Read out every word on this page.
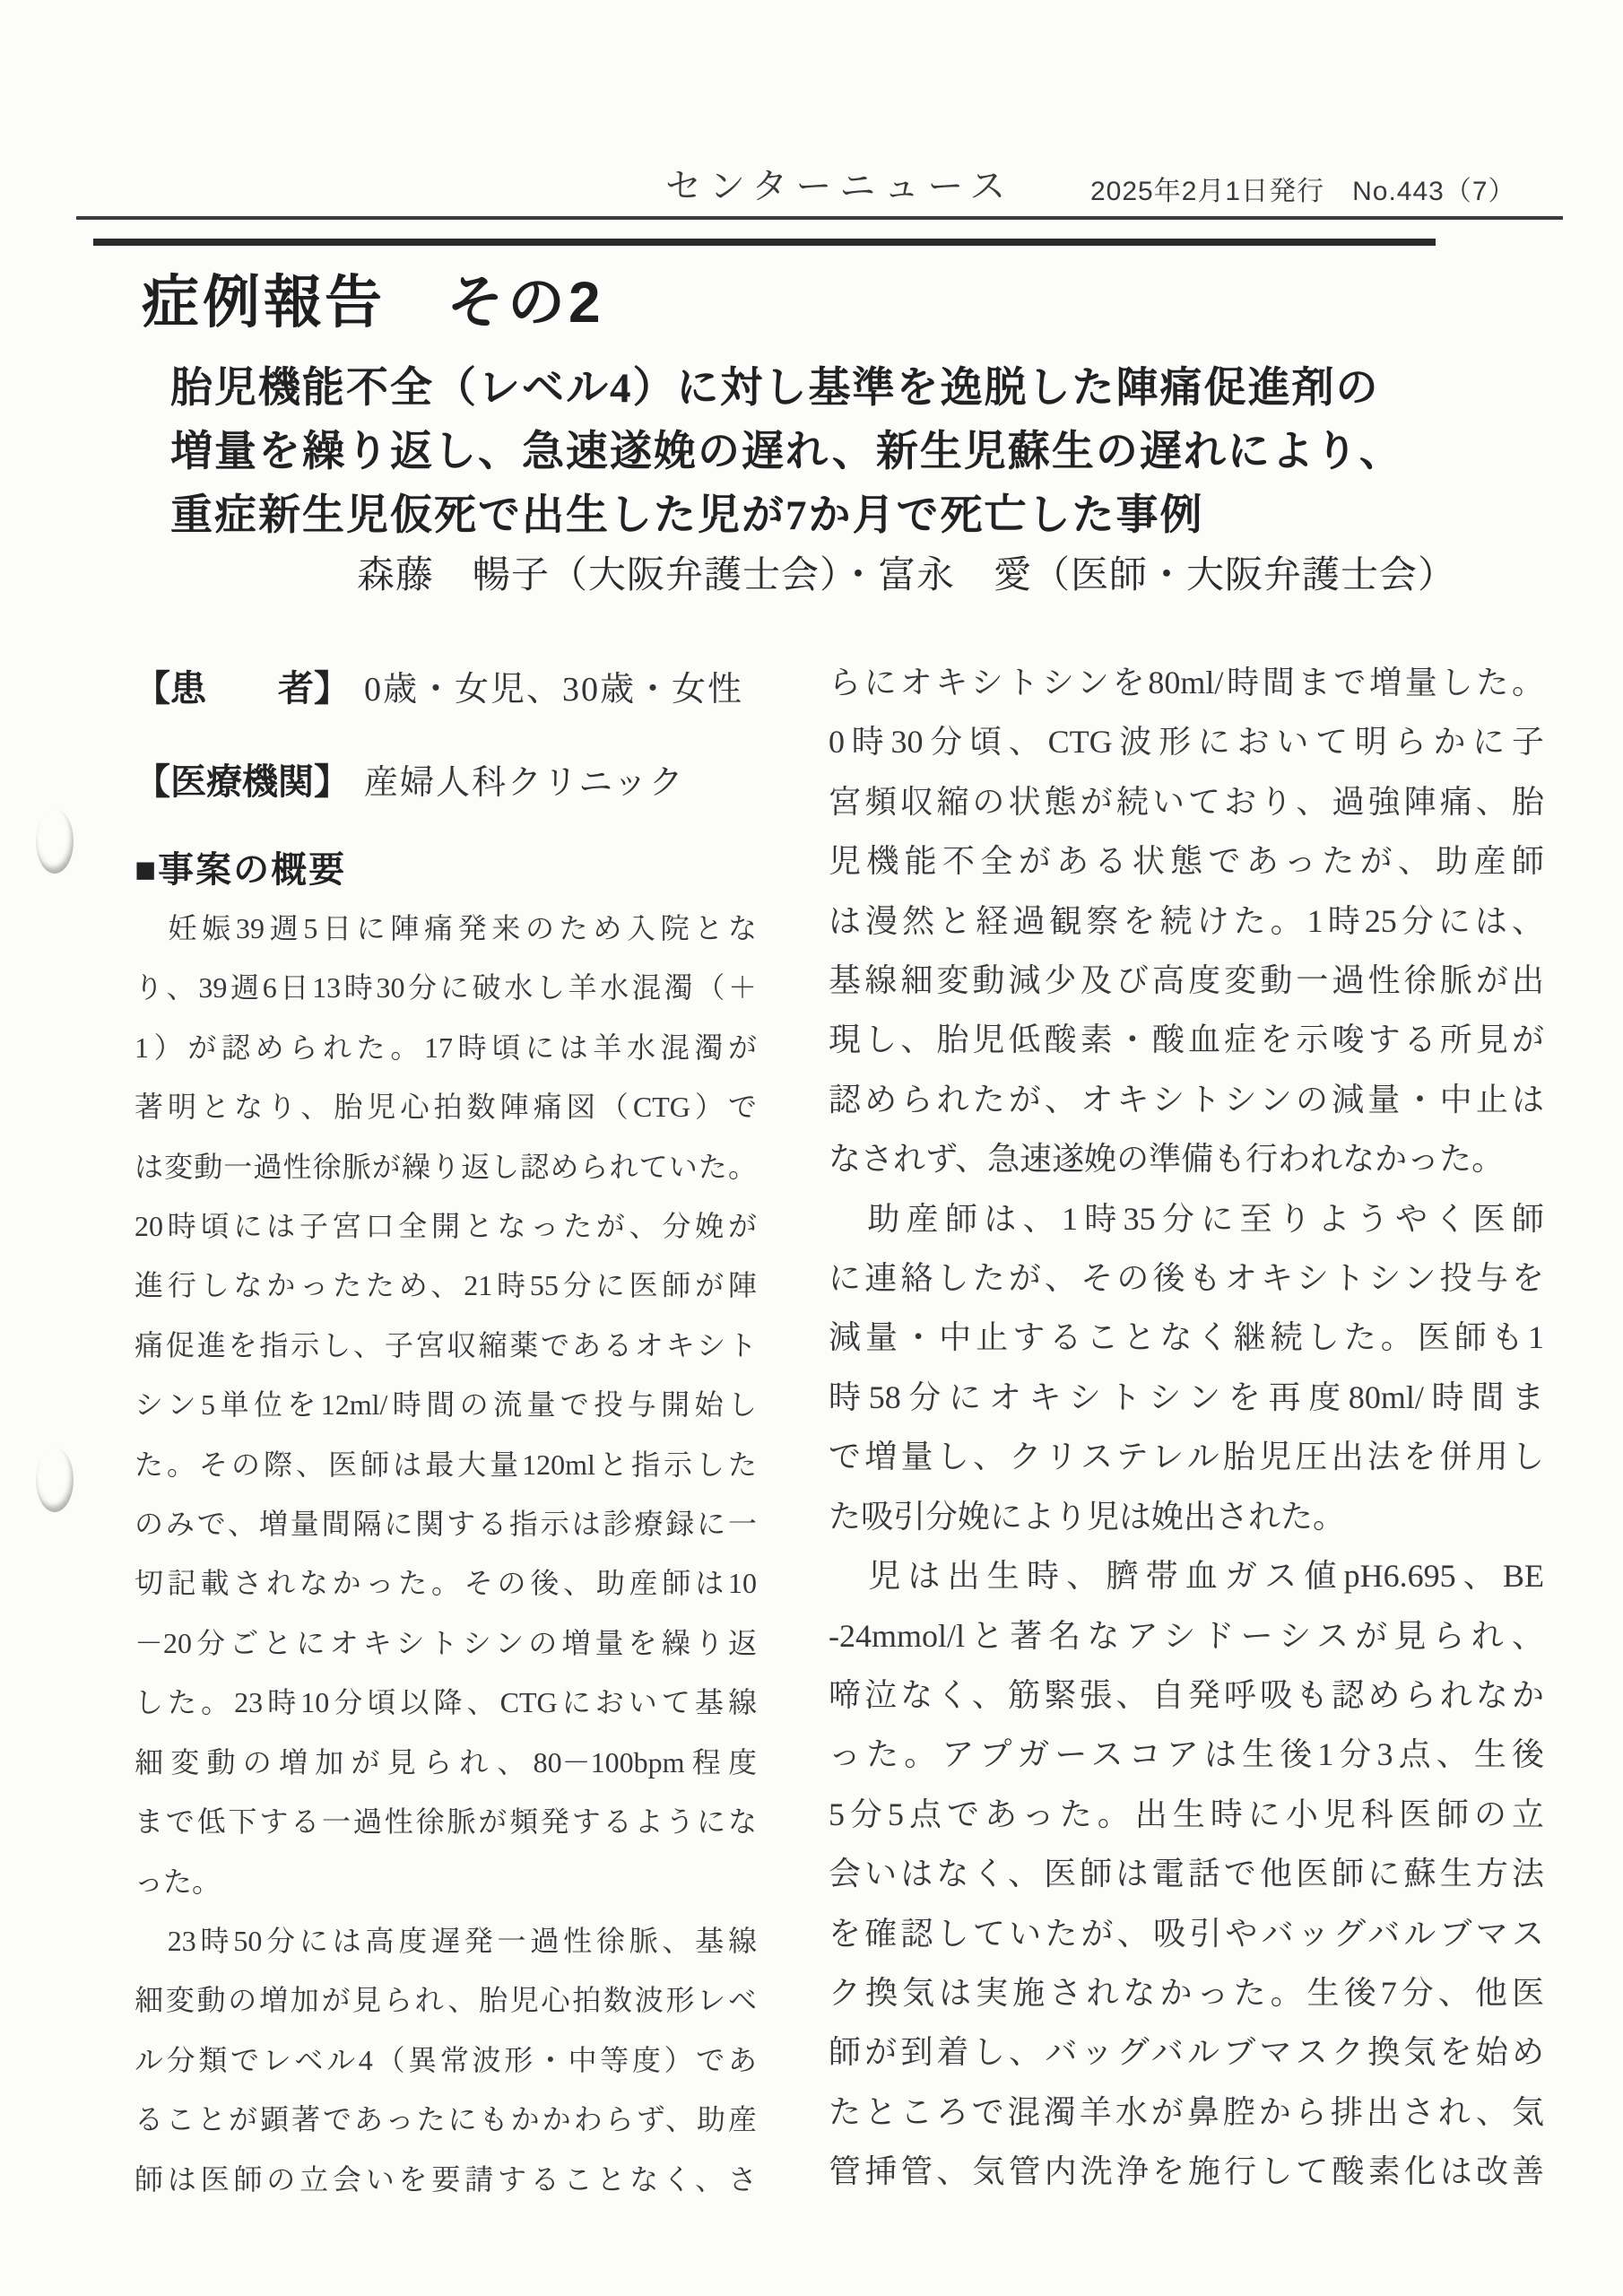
センターニュース	2025年2月1日発行　No.443（7）
症例報告　その2
胎児機能不全（レベル4）に対し基準を逸脱した陣痛促進剤の
増量を繰り返し、急速遂娩の遅れ、新生児蘇生の遅れにより、
重症新生児仮死で出生した児が7か月で死亡した事例
森藤　暢子（大阪弁護士会）・富永　愛（医師・大阪弁護士会）
【患　　者】 0歳・女児、30歳・女性
【医療機関】 産婦人科クリニック
■事案の概要
　妊娠39週5日に陣痛発来のため入院とな
り、39週6日13時30分に破水し羊水混濁（＋
1）が認められた。17時頃には羊水混濁が
著明となり、胎児心拍数陣痛図（CTG）で
は変動一過性徐脈が繰り返し認められていた。
20時頃には子宮口全開となったが、分娩が
進行しなかったため、21時55分に医師が陣
痛促進を指示し、子宮収縮薬であるオキシト
シン5単位を12ml/時間の流量で投与開始し
た。その際、医師は最大量120mlと指示した
のみで、増量間隔に関する指示は診療録に一
切記載されなかった。その後、助産師は10
－20分ごとにオキシトシンの増量を繰り返
した。23時10分頃以降、CTGにおいて基線
細変動の増加が見られ、80－100bpm程度
まで低下する一過性徐脈が頻発するようにな
った。
　23時50分には高度遅発一過性徐脈、基線
細変動の増加が見られ、胎児心拍数波形レベ
ル分類でレベル4（異常波形・中等度）であ
ることが顕著であったにもかかわらず、助産
師は医師の立会いを要請することなく、さ
らにオキシトシンを80ml/時間まで増量した。
0時30分頃、CTG波形において明らかに子
宮頻収縮の状態が続いており、過強陣痛、胎
児機能不全がある状態であったが、助産師
は漫然と経過観察を続けた。1時25分には、
基線細変動減少及び高度変動一過性徐脈が出
現し、胎児低酸素・酸血症を示唆する所見が
認められたが、オキシトシンの減量・中止は
なされず、急速遂娩の準備も行われなかった。
　助産師は、1時35分に至りようやく医師
に連絡したが、その後もオキシトシン投与を
減量・中止することなく継続した。医師も1
時58分にオキシトシンを再度80ml/時間ま
で増量し、クリステレル胎児圧出法を併用し
た吸引分娩により児は娩出された。
　児は出生時、臍帯血ガス値pH6.695、BE
-24mmol/lと著名なアシドーシスが見られ、
啼泣なく、筋緊張、自発呼吸も認められなか
った。アプガースコアは生後1分3点、生後
5分5点であった。出生時に小児科医師の立
会いはなく、医師は電話で他医師に蘇生方法
を確認していたが、吸引やバッグバルブマス
ク換気は実施されなかった。生後7分、他医
師が到着し、バッグバルブマスク換気を始め
たところで混濁羊水が鼻腔から排出され、気
管挿管、気管内洗浄を施行して酸素化は改善
